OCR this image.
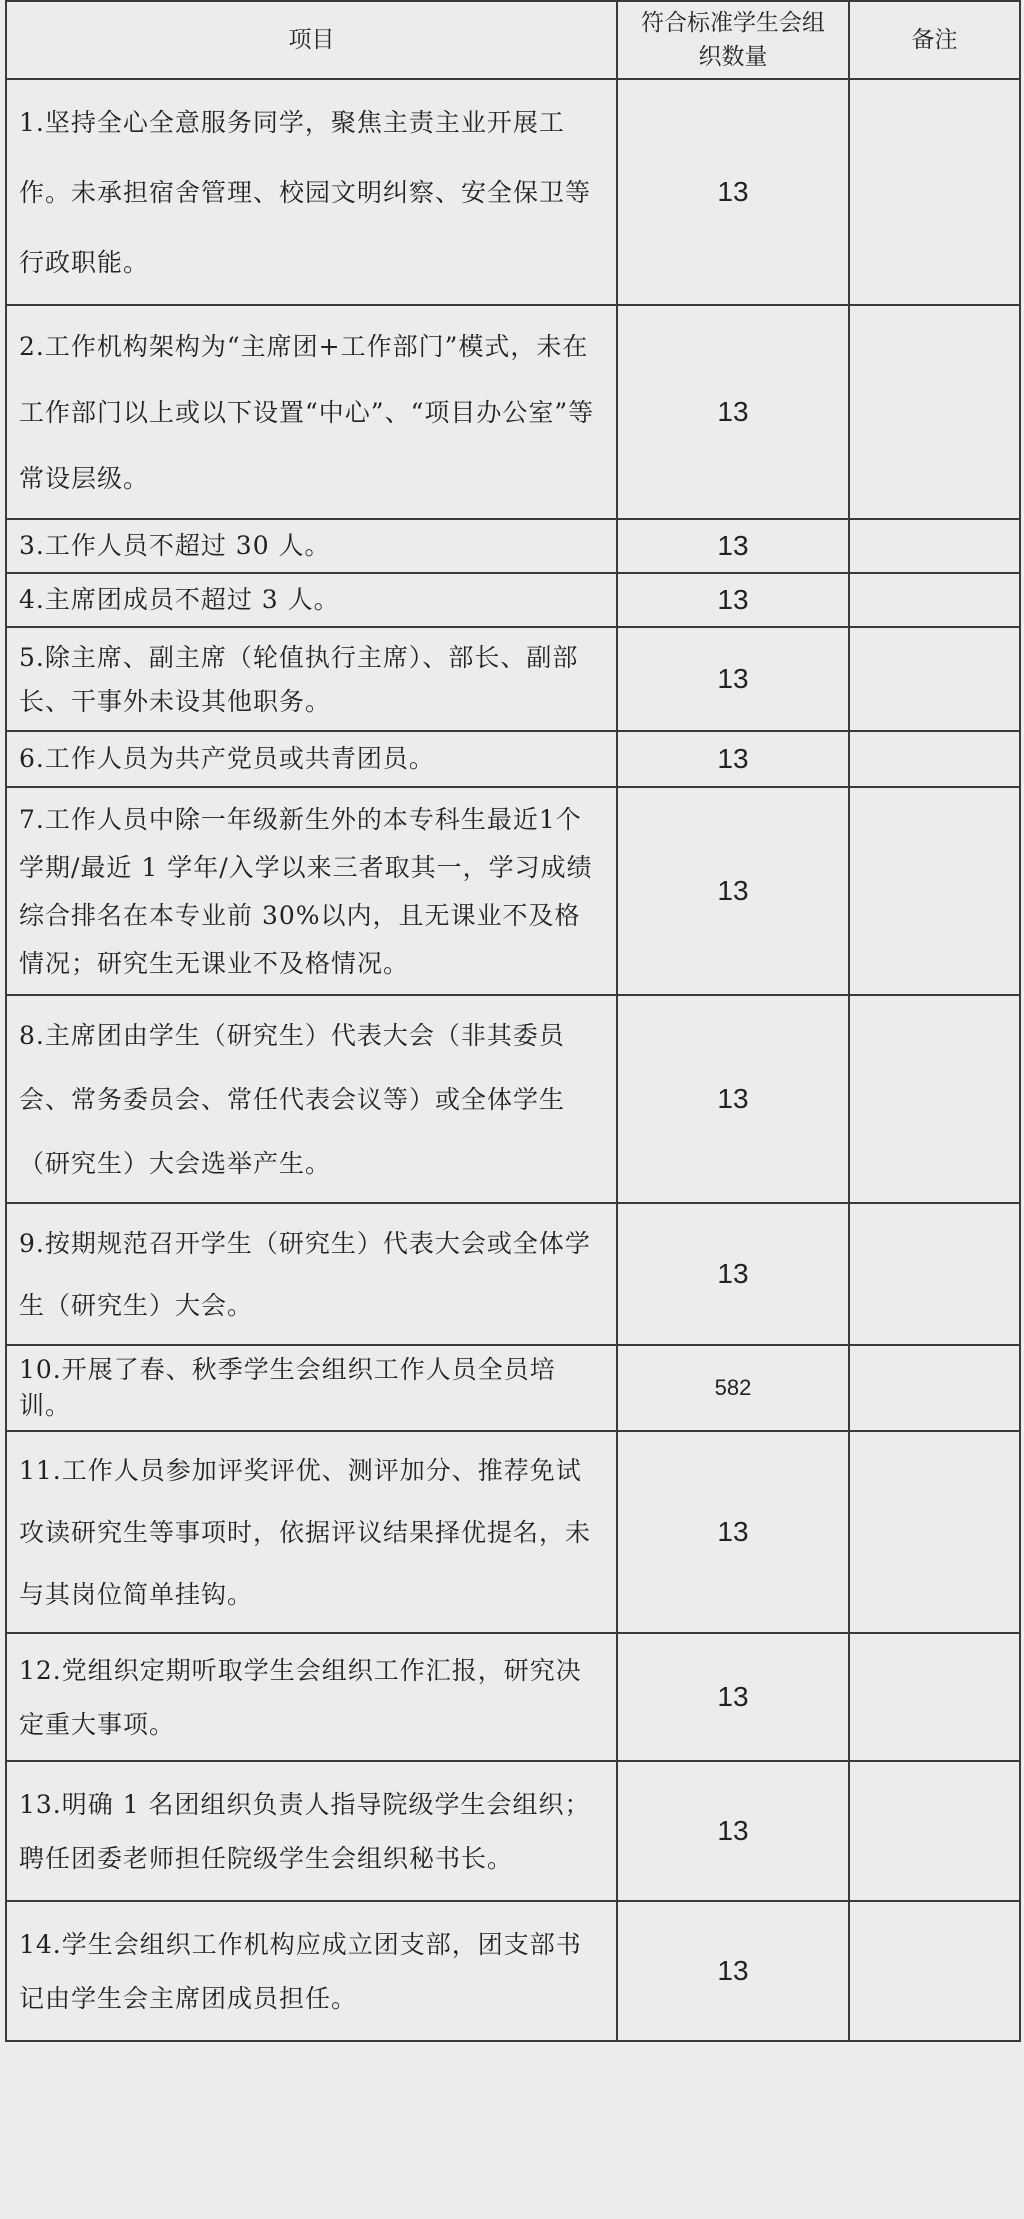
项目	符合标准学生会组织数量	备注
1.坚持全心全意服务同学，聚焦主责主业开展工作。未承担宿舍管理、校园文明纠察、安全保卫等行政职能。	13	
2.工作机构架构为“主席团+工作部门”模式，未在工作部门以上或以下设置“中心”、“项目办公室”等常设层级。	13	
3.工作人员不超过 30 人。	13	
4.主席团成员不超过 3 人。	13	
5.除主席、副主席（轮值执行主席）、部长、副部长、干事外未设其他职务。	13	
6.工作人员为共产党员或共青团员。	13	
7.工作人员中除一年级新生外的本专科生最近1个学期/最近 1 学年/入学以来三者取其一，学习成绩综合排名在本专业前 30%以内，且无课业不及格情况；研究生无课业不及格情况。	13	
8.主席团由学生（研究生）代表大会（非其委员会、常务委员会、常任代表会议等）或全体学生（研究生）大会选举产生。	13	
9.按期规范召开学生（研究生）代表大会或全体学生（研究生）大会。	13	
10.开展了春、秋季学生会组织工作人员全员培训。	582	
11.工作人员参加评奖评优、测评加分、推荐免试攻读研究生等事项时，依据评议结果择优提名，未与其岗位简单挂钩。	13	
12.党组织定期听取学生会组织工作汇报，研究决定重大事项。	13	
13.明确 1 名团组织负责人指导院级学生会组织；聘任团委老师担任院级学生会组织秘书长。	13	
14.学生会组织工作机构应成立团支部，团支部书记由学生会主席团成员担任。	13	
